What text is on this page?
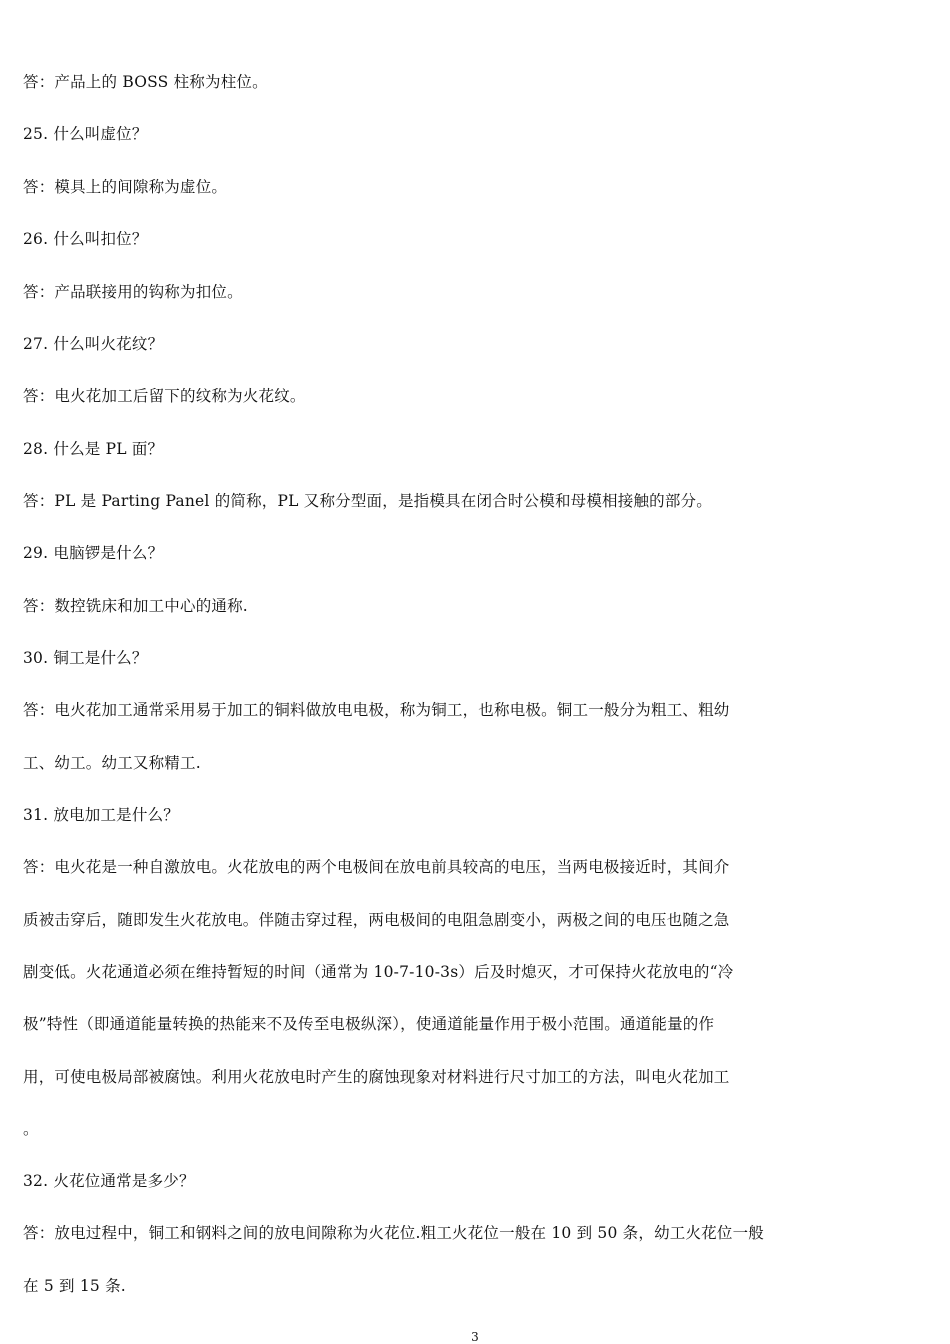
答：产品上的 BOSS 柱称为柱位。
25. 什么叫虚位？
答：模具上的间隙称为虚位。
26. 什么叫扣位？
答：产品联接用的钩称为扣位。
27. 什么叫火花纹？
答：电火花加工后留下的纹称为火花纹。
28. 什么是 PL 面？
答：PL 是 Parting Panel 的简称，PL 又称分型面，是指模具在闭合时公模和母模相接触的部分。
29. 电脑锣是什么？
答：数控铣床和加工中心的通称.
30. 铜工是什么？
答：电火花加工通常采用易于加工的铜料做放电电极，称为铜工，也称电极。铜工一般分为粗工、粗幼
工、幼工。幼工又称精工.
31. 放电加工是什么？
答：电火花是一种自激放电。火花放电的两个电极间在放电前具较高的电压，当两电极接近时，其间介
质被击穿后，随即发生火花放电。伴随击穿过程，两电极间的电阻急剧变小，两极之间的电压也随之急
剧变低。火花通道必须在维持暂短的时间（通常为 10-7-10-3s）后及时熄灭，才可保持火花放电的“冷
极”特性（即通道能量转换的热能来不及传至电极纵深），使通道能量作用于极小范围。通道能量的作
用，可使电极局部被腐蚀。利用火花放电时产生的腐蚀现象对材料进行尺寸加工的方法，叫电火花加工
。
32. 火花位通常是多少？
答：放电过程中，铜工和钢料之间的放电间隙称为火花位.粗工火花位一般在 10 到 50 条，幼工火花位一般
在 5 到 15 条.
3
